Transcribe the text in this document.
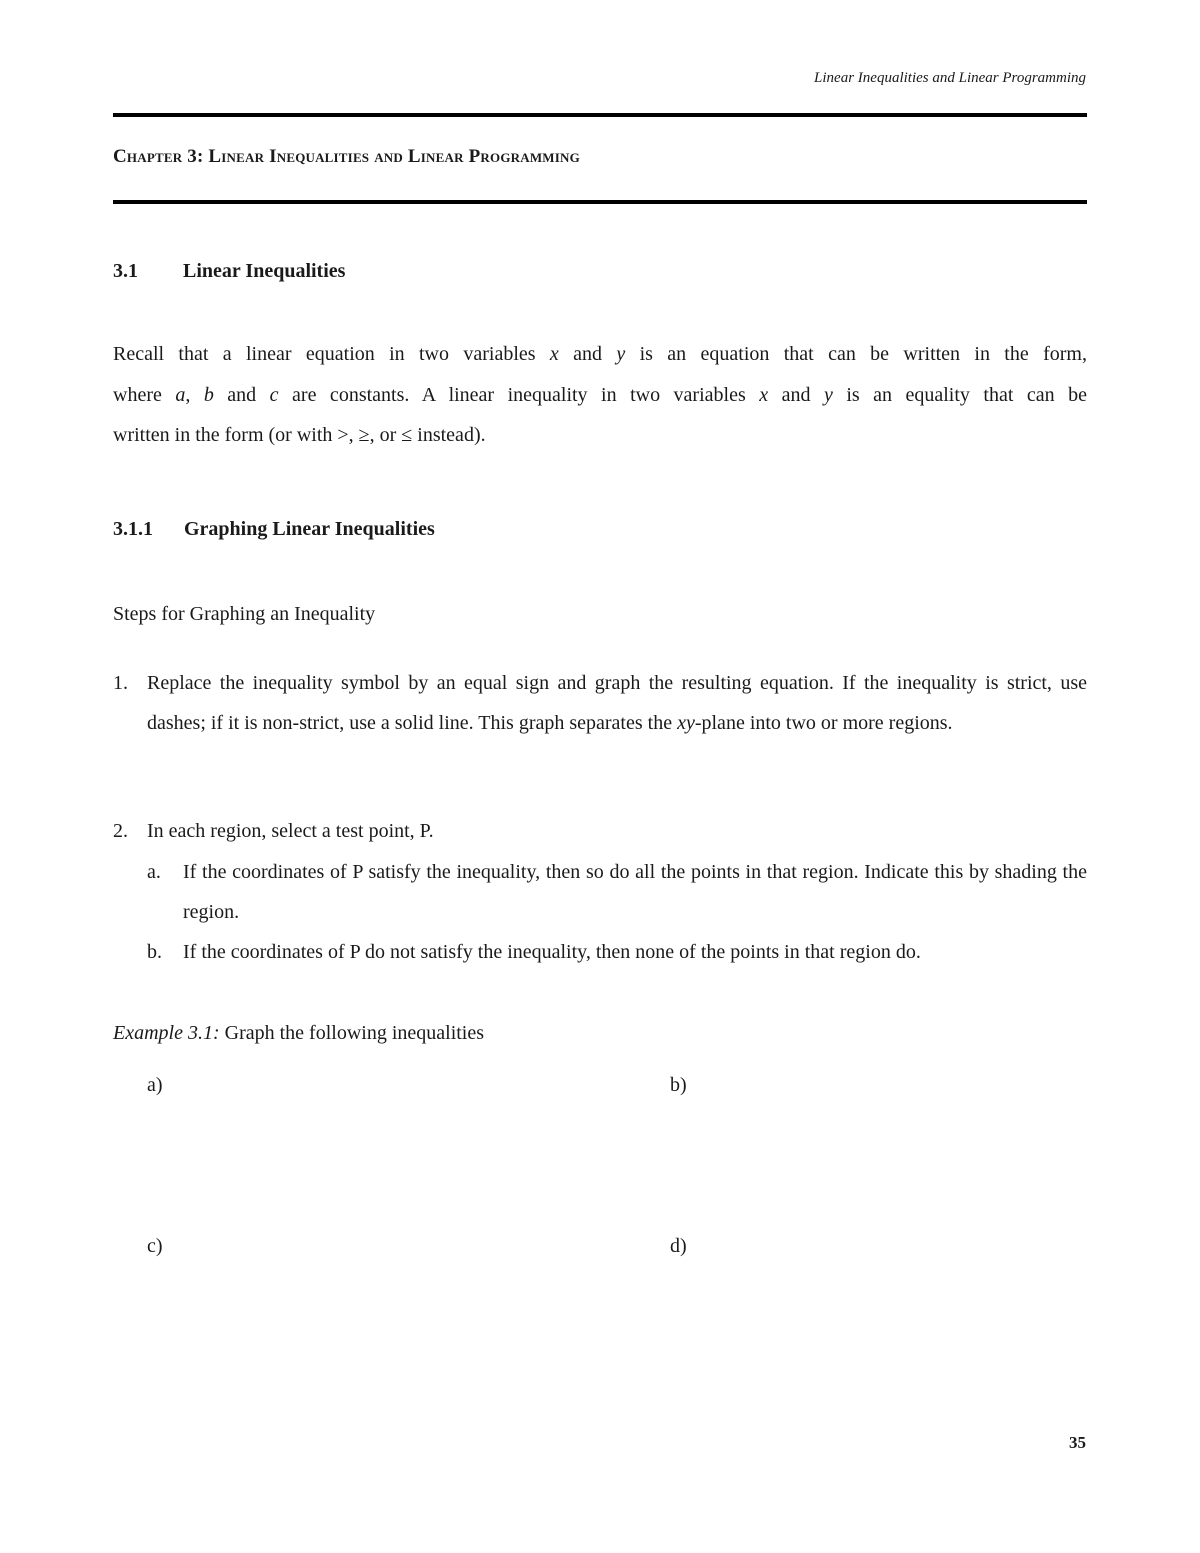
Linear Inequalities and Linear Programming
Chapter 3: Linear Inequalities and Linear Programming
3.1 Linear Inequalities
Recall that a linear equation in two variables x and y is an equation that can be written in the form,
where a, b and c are constants. A linear inequality in two variables x and y is an equality that can be
written in the form (or with >, ≥, or ≤ instead).
3.1.1 Graphing Linear Inequalities
Steps for Graphing an Inequality
1. Replace the inequality symbol by an equal sign and graph the resulting equation. If the inequality is strict, use dashes; if it is non-strict, use a solid line. This graph separates the xy-plane into two or more regions.
2. In each region, select a test point, P.
a. If the coordinates of P satisfy the inequality, then so do all the points in that region. Indicate this by shading the region.
b. If the coordinates of P do not satisfy the inequality, then none of the points in that region do.
Example 3.1: Graph the following inequalities
a)	b)
c)	d)
35
